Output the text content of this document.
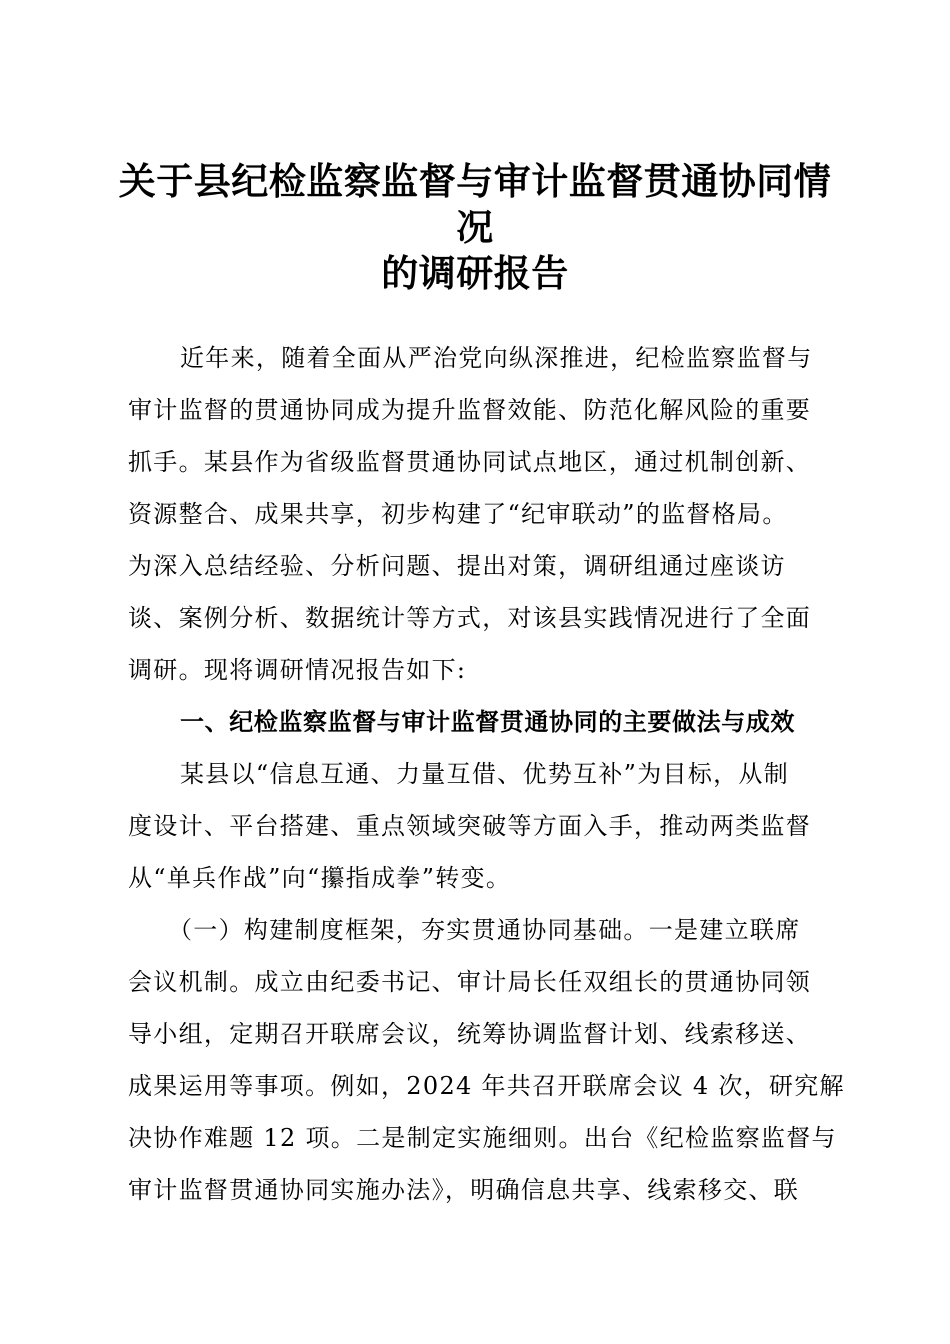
关于县纪检监察监督与审计监督贯通协同情况
的调研报告
近年来，随着全面从严治党向纵深推进，纪检监察监督与
审计监督的贯通协同成为提升监督效能、防范化解风险的重要
抓手。某县作为省级监督贯通协同试点地区，通过机制创新、
资源整合、成果共享，初步构建了“纪审联动”的监督格局。
为深入总结经验、分析问题、提出对策，调研组通过座谈访
谈、案例分析、数据统计等方式，对该县实践情况进行了全面
调研。现将调研情况报告如下:
一、纪检监察监督与审计监督贯通协同的主要做法与成效
某县以“信息互通、力量互借、优势互补”为目标，从制
度设计、平台搭建、重点领域突破等方面入手，推动两类监督
从“单兵作战”向“攥指成拳”转变。
（一）构建制度框架，夯实贯通协同基础。一是建立联席
会议机制。成立由纪委书记、审计局长任双组长的贯通协同领
导小组，定期召开联席会议，统筹协调监督计划、线索移送、
成果运用等事项。例如，2024 年共召开联席会议 4 次，研究解
决协作难题 12 项。二是制定实施细则。出台《纪检监察监督与
审计监督贯通协同实施办法》，明确信息共享、线索移交、联
